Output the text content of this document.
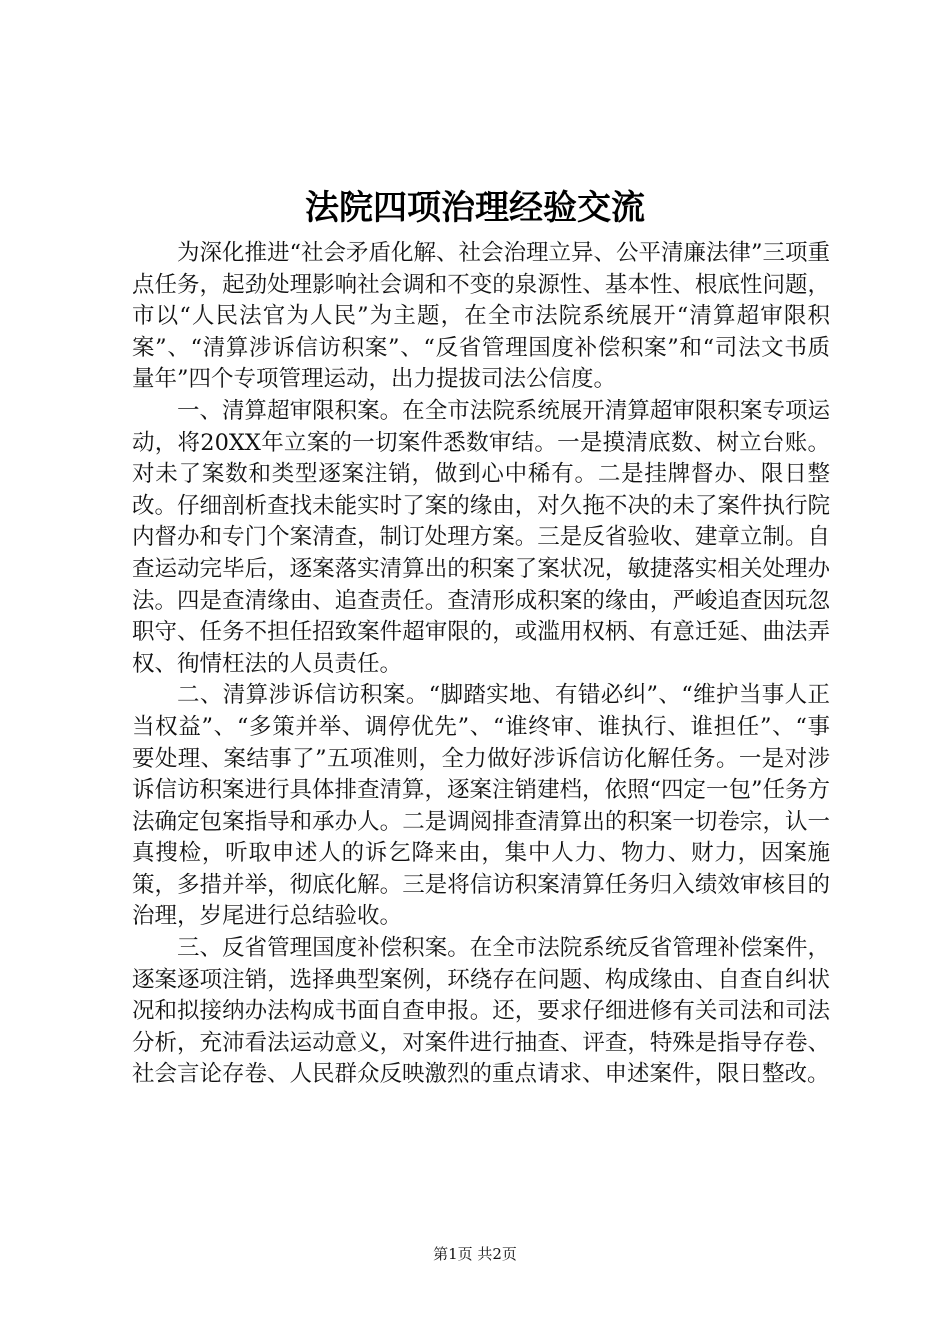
法院四项治理经验交流

为深化推进“社会矛盾化解、社会治理立异、公平清廉法律”三项重点任务，起劲处理影响社会调和不变的泉源性、基本性、根底性问题，市以“人民法官为人民”为主题，在全市法院系统展开“清算超审限积案”、“清算涉诉信访积案”、“反省管理国度补偿积案”和“司法文书质量年”四个专项管理运动，出力提拔司法公信度。

一、清算超审限积案。在全市法院系统展开清算超审限积案专项运动，将20XX年立案的一切案件悉数审结。一是摸清底数、树立台账。对未了案数和类型逐案注销，做到心中稀有。二是挂牌督办、限日整改。仔细剖析查找未能实时了案的缘由，对久拖不决的未了案件执行院内督办和专门个案清查，制订处理方案。三是反省验收、建章立制。自查运动完毕后，逐案落实清算出的积案了案状况，敏捷落实相关处理办法。四是查清缘由、追查责任。查清形成积案的缘由，严峻追查因玩忽职守、任务不担任招致案件超审限的，或滥用权柄、有意迁延、曲法弄权、徇情枉法的人员责任。

二、清算涉诉信访积案。“脚踏实地、有错必纠”、“维护当事人正当权益”、“多策并举、调停优先”、“谁终审、谁执行、谁担任”、“事要处理、案结事了”五项准则，全力做好涉诉信访化解任务。一是对涉诉信访积案进行具体排查清算，逐案注销建档，依照“四定一包”任务方法确定包案指导和承办人。二是调阅排查清算出的积案一切卷宗，认一真搜检，听取申述人的诉乞降来由，集中人力、物力、财力，因案施策，多措并举，彻底化解。三是将信访积案清算任务归入绩效审核目的治理，岁尾进行总结验收。

三、反省管理国度补偿积案。在全市法院系统反省管理补偿案件，逐案逐项注销，选择典型案例，环绕存在问题、构成缘由、自查自纠状况和拟接纳办法构成书面自查申报。还，要求仔细进修有关司法和司法分析，充沛看法运动意义，对案件进行抽查、评查，特殊是指导存卷、社会言论存卷、人民群众反映激烈的重点请求、申述案件，限日整改。

第1页 共2页
